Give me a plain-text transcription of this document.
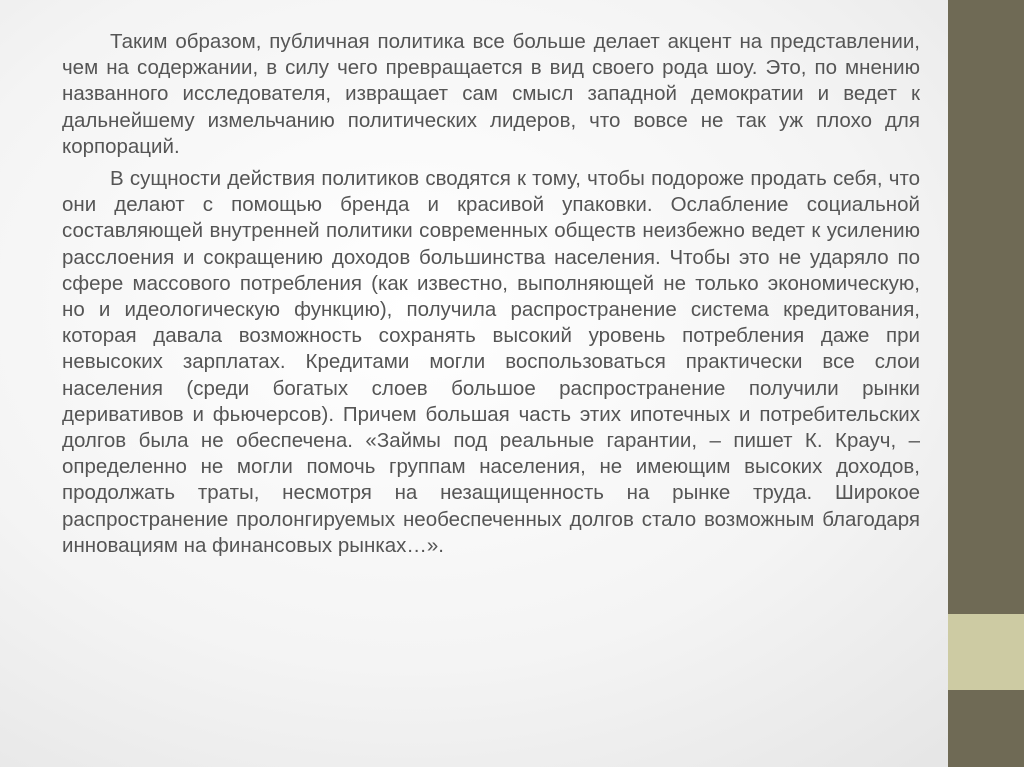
Таким образом, публичная политика все больше делает акцент на представлении, чем на содержании, в силу чего превращается в вид своего рода шоу. Это, по мнению названного исследователя, извращает сам смысл западной демократии и ведет к дальнейшему измельчанию политических лидеров, что вовсе не так уж плохо для корпораций.

В сущности действия политиков сводятся к тому, чтобы подороже продать себя, что они делают с помощью бренда и красивой упаковки. Ослабление социальной составляющей внутренней политики современных обществ неизбежно ведет к усилению расслоения и сокращению доходов большинства населения. Чтобы это не ударяло по сфере массового потребления (как известно, выполняющей не только экономическую, но и идеологическую функцию), получила распространение система кредитования, которая давала возможность сохранять высокий уровень потребления даже при невысоких зарплатах. Кредитами могли воспользоваться практически все слои населения (среди богатых слоев большое распространение получили рынки деривативов и фьючерсов). Причем большая часть этих ипотечных и потребительских долгов была не обеспечена. «Займы под реальные гарантии, – пишет К. Крауч, – определенно не могли помочь группам населения, не имеющим высоких доходов, продолжать траты, несмотря на незащищенность на рынке труда. Широкое распространение пролонгируемых необеспеченных долгов стало возможным благодаря инновациям на финансовых рынках…».
